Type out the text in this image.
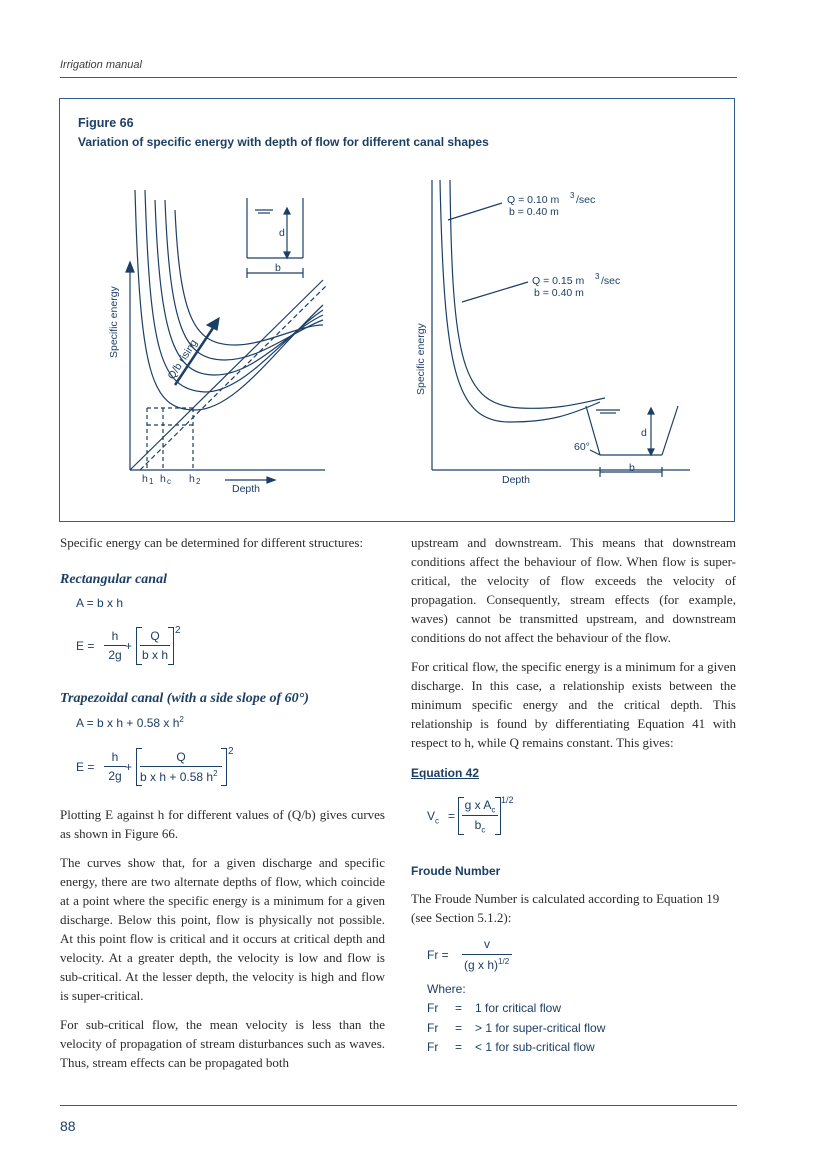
Irrigation manual
Figure 66
Variation of specific energy with depth of flow for different canal shapes
Specific energy
Depth
h 1 h c h 2
Q/b rising
d
b
Specific energy
Depth
Q = 0.10 m 3 /sec
b = 0.40 m
Q = 0.15 m 3 /sec
b = 0.40 m
60°
d
b

Specific energy can be determined for different structures:

Rectangular canal
A = b x h
E =
h
2g
+
Q
b x h
2
Trapezoidal canal (with a side slope of 60°)
A = b x h + 0.58 x $h^2$
E =
h
2g
+
Q
b x h + 0.58 $h^2$
2

Plotting E against h for different values of (Q/b) gives curves as shown in Figure 66.

The curves show that, for a given discharge and specific energy, there are two alternate depths of flow, which coincide at a point where the specific energy is a minimum for a given discharge. Below this point, flow is physically not possible. At this point flow is critical and it occurs at critical depth and velocity. At a greater depth, the velocity is low and flow is sub-critical. At the lesser depth, the velocity is high and flow is super-critical.

For sub-critical flow, the mean velocity is less than the velocity of propagation of stream disturbances such as waves. Thus, stream effects can be propagated both

upstream and downstream. This means that downstream conditions affect the behaviour of flow. When flow is super-critical, the velocity of flow exceeds the velocity of propagation. Consequently, stream effects (for example, waves) cannot be transmitted upstream, and downstream conditions do not affect the behaviour of the flow.

For critical flow, the specific energy is a minimum for a given discharge. In this case, a relationship exists between the minimum specific energy and the critical depth. This relationship is found by differentiating Equation 41 with respect to h, while Q remains constant. This gives:

Equation 42
$V_c$ =
g x $A_c$
$b_c$
1/2
Froude Number

The Froude Number is calculated according to Equation 19 (see Section 5.1.2):

Fr =
v
(g x h)$^{1/2}$
Where:
Fr = 1 for critical flow
Fr = > 1 for super-critical flow
Fr = < 1 for sub-critical flow
88
